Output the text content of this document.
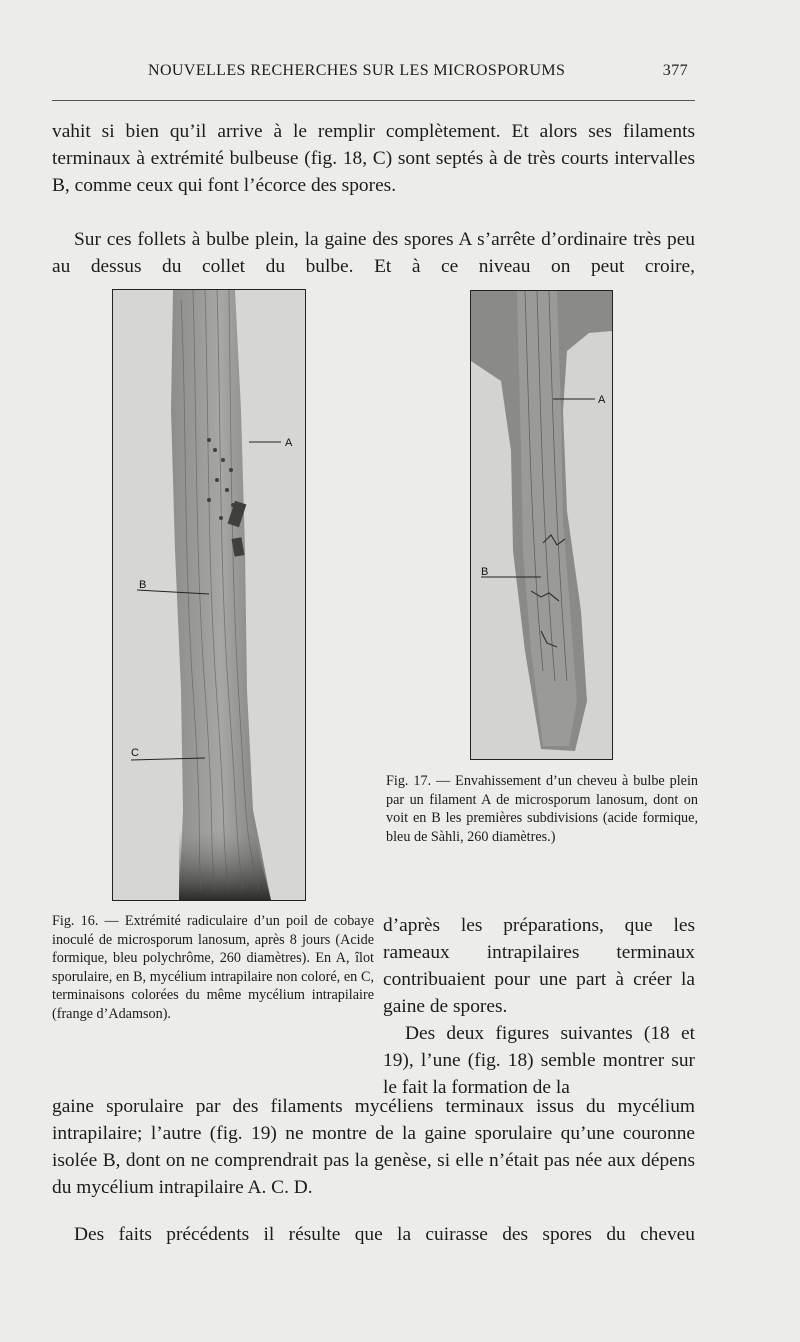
NOUVELLES RECHERCHES SUR LES MICROSPORUMS	377
vahit si bien qu’il arrive à le remplir complètement. Et alors ses filaments terminaux à extrémité bulbeuse (fig. 18, C) sont septés à de très courts intervalles B, comme ceux qui font l’écorce des spores.
Sur ces follets à bulbe plein, la gaine des spores A s’arrête d’ordinaire très peu au dessus du collet du bulbe. Et à ce niveau on peut croire,
A
B
C
A
B
Fig. 17. — Envahissement d’un cheveu à bulbe plein par un filament A de microsporum lanosum, dont on voit en B les premières subdivisions (acide formique, bleu de Sàhli, 260 diamètres.)
Fig. 16. — Extrémité radiculaire d’un poil de cobaye inoculé de microsporum lanosum, après 8 jours (Acide formique, bleu polychrôme, 260 diamètres). En A, îlot sporulaire, en B, mycélium intrapilaire non coloré, en C, terminaisons colorées du même mycélium intrapilaire (frange d’Adamson).
d’après les préparations, que les rameaux intrapilaires terminaux contribuaient pour une part à créer la gaine de spores.
Des deux figures suivantes (18 et 19), l’une (fig. 18) semble montrer sur le fait la formation de la
gaine sporulaire par des filaments mycéliens terminaux issus du mycélium intrapilaire; l’autre (fig. 19) ne montre de la gaine sporulaire qu’une couronne isolée B, dont on ne comprendrait pas la genèse, si elle n’était pas née aux dépens du mycélium intrapilaire A. C. D.
Des faits précédents il résulte que la cuirasse des spores du cheveu
